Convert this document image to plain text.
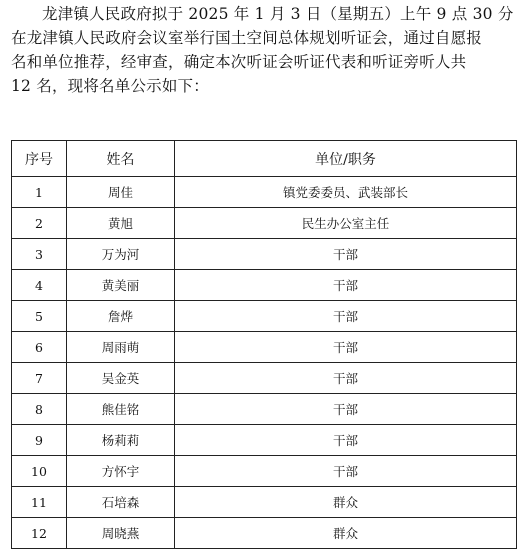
龙津镇人民政府拟于 2025 年 1 月 3 日（星期五）上午 9 点 30 分
在龙津镇人民政府会议室举行国土空间总体规划听证会，通过自愿报
名和单位推荐，经审查，确定本次听证会听证代表和听证旁听人共
12 名，现将名单公示如下：
序号	姓名	单位/职务
1	周佳	镇党委委员、武装部长
2	黄旭	民生办公室主任
3	万为河	干部
4	黄美丽	干部
5	詹烨	干部
6	周雨萌	干部
7	吴金英	干部
8	熊佳铭	干部
9	杨莉莉	干部
10	方怀宇	干部
11	石培森	群众
12	周晓燕	群众
